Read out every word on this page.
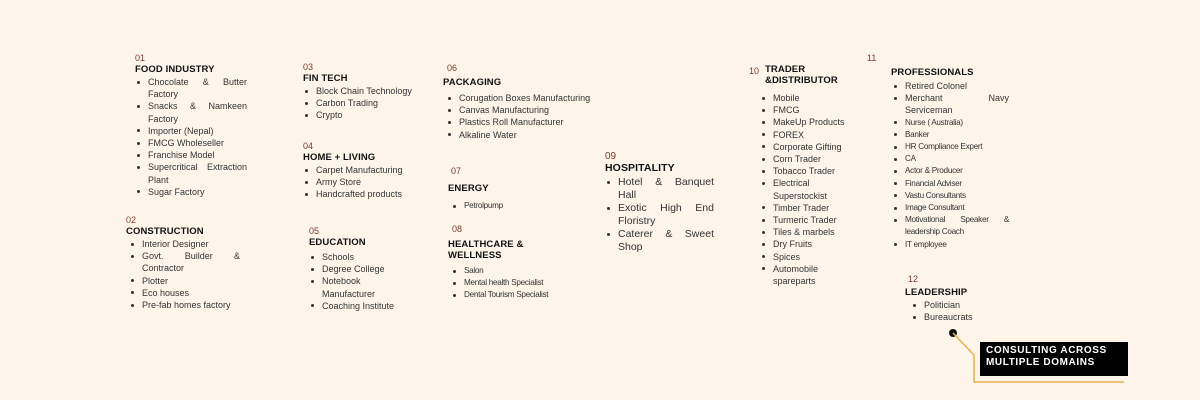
01
FOOD INDUSTRY
Chocolate & Butter Factory
Snacks & Namkeen Factory
Importer (Nepal)
FMCG Wholeseller
Franchise Model
Supercritical Extraction Plant
Sugar Factory
02
CONSTRUCTION
Interior Designer
Govt. Builder & Contractor
Plotter
Eco houses
Pre-fab homes factory
03
FIN TECH
Block Chain Technology
Carbon Trading
Crypto
04
HOME + LIVING
Carpet Manufacturing
Army Store
Handcrafted products
05
EDUCATION
Schools
Degree College
Notebook Manufacturer
Coaching Institute
06
PACKAGING
Corugation Boxes Manufacturing
Canvas Manufacturing
Plastics Roll Manufacturer
Alkaline Water
07
ENERGY
Petrolpump
08
HEALTHCARE & WELLNESS
Salon
Mental health Specialist
Dental Tourism Specialist
09
HOSPITALITY
Hotel & Banquet Hall
Exotic High End Floristry
Caterer & Sweet Shop
10 TRADER &DISTRIBUTOR
Mobile
FMCG
MakeUp Products
FOREX
Corporate Gifting
Corn Trader
Tobacco Trader
Electrical Superstockist
Timber Trader
Turmeric Trader
Tiles & marbels
Dry Fruits
Spices
Automobile spareparts
11
PROFESSIONALS
Retired Colonel
Merchant Navy Serviceman
Nurse ( Australia)
Banker
HR Compliance Expert
CA
Actor & Producer
Financial Adviser
Vastu Consultants
Image Consultant
Motivational Speaker & leadership Coach
IT employee
12
LEADERSHIP
Politician
Bureaucrats
CONSULTING ACROSS
MULTIPLE DOMAINS
